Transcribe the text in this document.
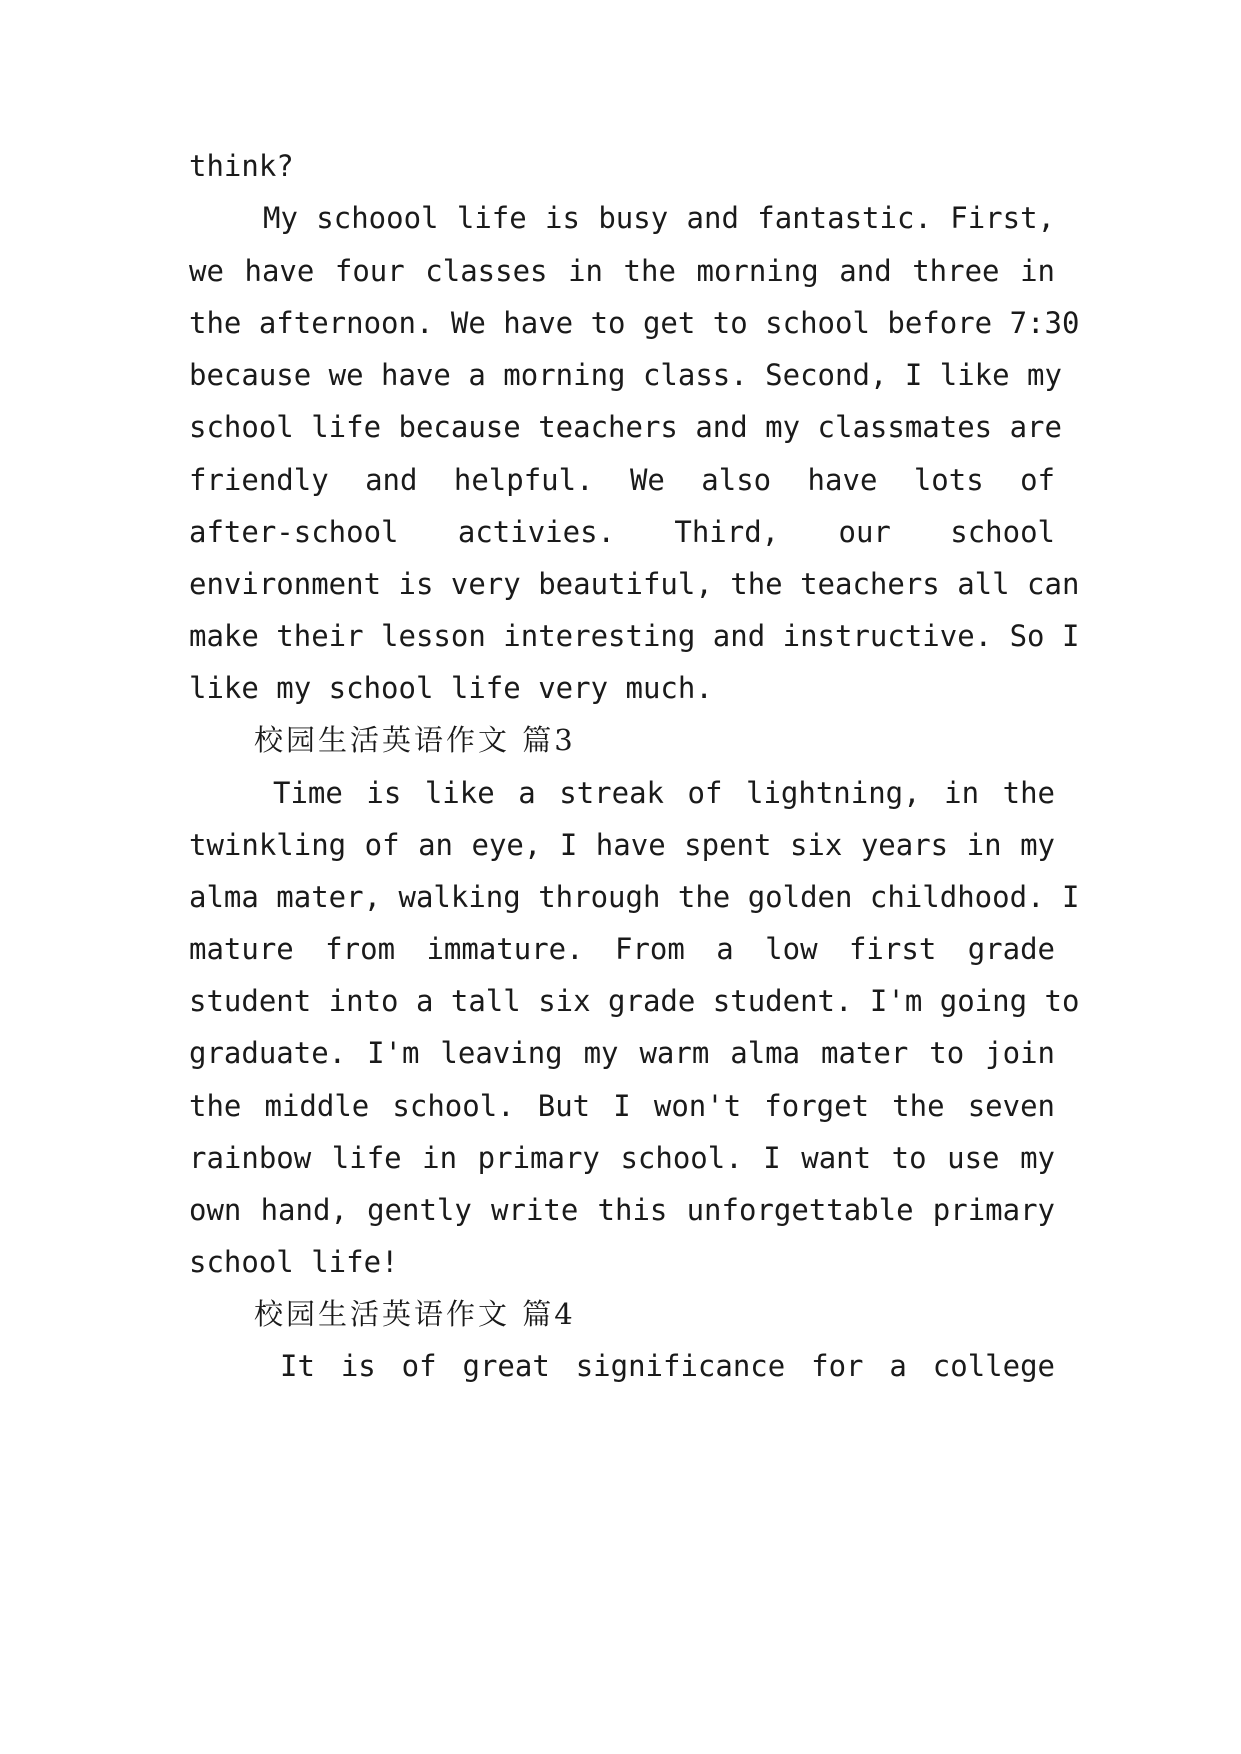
think?
My schoool life is busy and fantastic. First,
we have four classes in the morning and three in
the afternoon. We have to get to school before 7:30
because we have a morning class. Second, I like my
school life because teachers and my classmates are
friendly and helpful. We also have lots of
after-school activies. Third, our school
environment is very beautiful, the teachers all can
make their lesson interesting and instructive. So I
like my school life very much.
校园生活英语作文 篇3
Time is like a streak of lightning, in the
twinkling of an eye, I have spent six years in my
alma mater, walking through the golden childhood. I
mature from immature. From a low first grade
student into a tall six grade student. I'm going to
graduate. I'm leaving my warm alma mater to join
the middle school. But I won't forget the seven
rainbow life in primary school. I want to use my
own hand, gently write this unforgettable primary
school life!
校园生活英语作文 篇4
It is of great significance for a college
